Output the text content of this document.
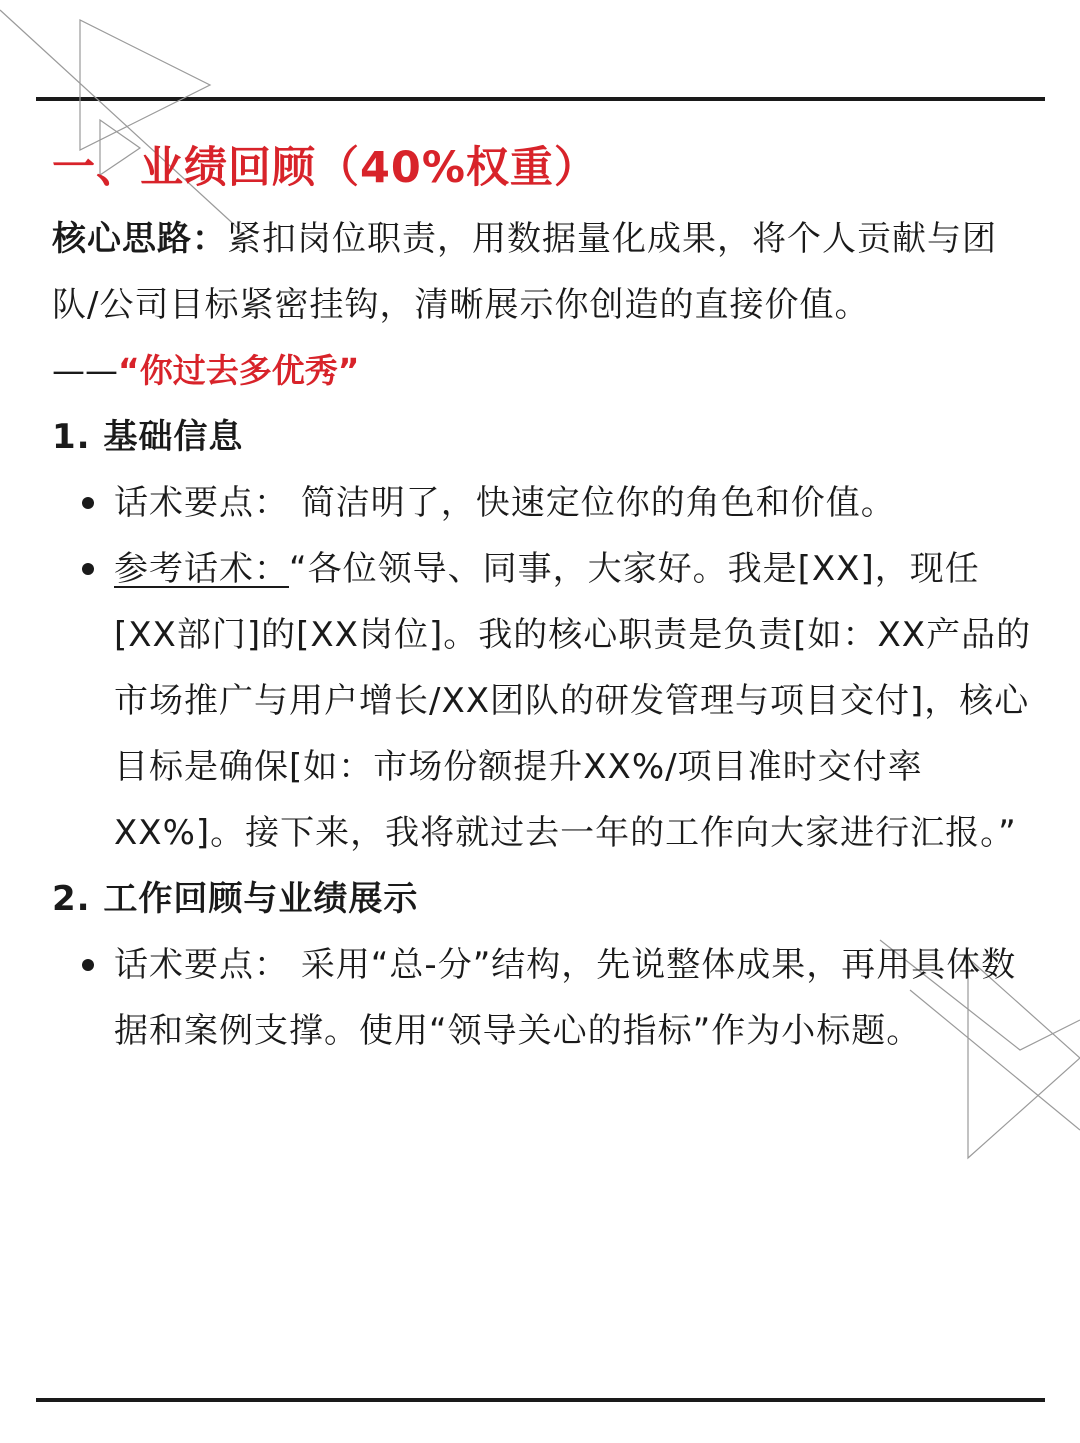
一、业绩回顾（40%权重）
核心思路：紧扣岗位职责，用数据量化成果，将个人贡献与团队/公司目标紧密挂钩，清晰展示你创造的直接价值。
——“你过去多优秀”
1. 基础信息
话术要点： 简洁明了，快速定位你的角色和价值。
参考话术：“各位领导、同事，大家好。我是[XX]，现任[XX部门]的[XX岗位]。我的核心职责是负责[如：XX产品的市场推广与用户增长/XX团队的研发管理与项目交付]，核心目标是确保[如：市场份额提升XX%/项目准时交付率XX%]。接下来，我将就过去一年的工作向大家进行汇报。”
2. 工作回顾与业绩展示
话术要点： 采用“总-分”结构，先说整体成果，再用具体数据和案例支撑。使用“领导关心的指标”作为小标题。
